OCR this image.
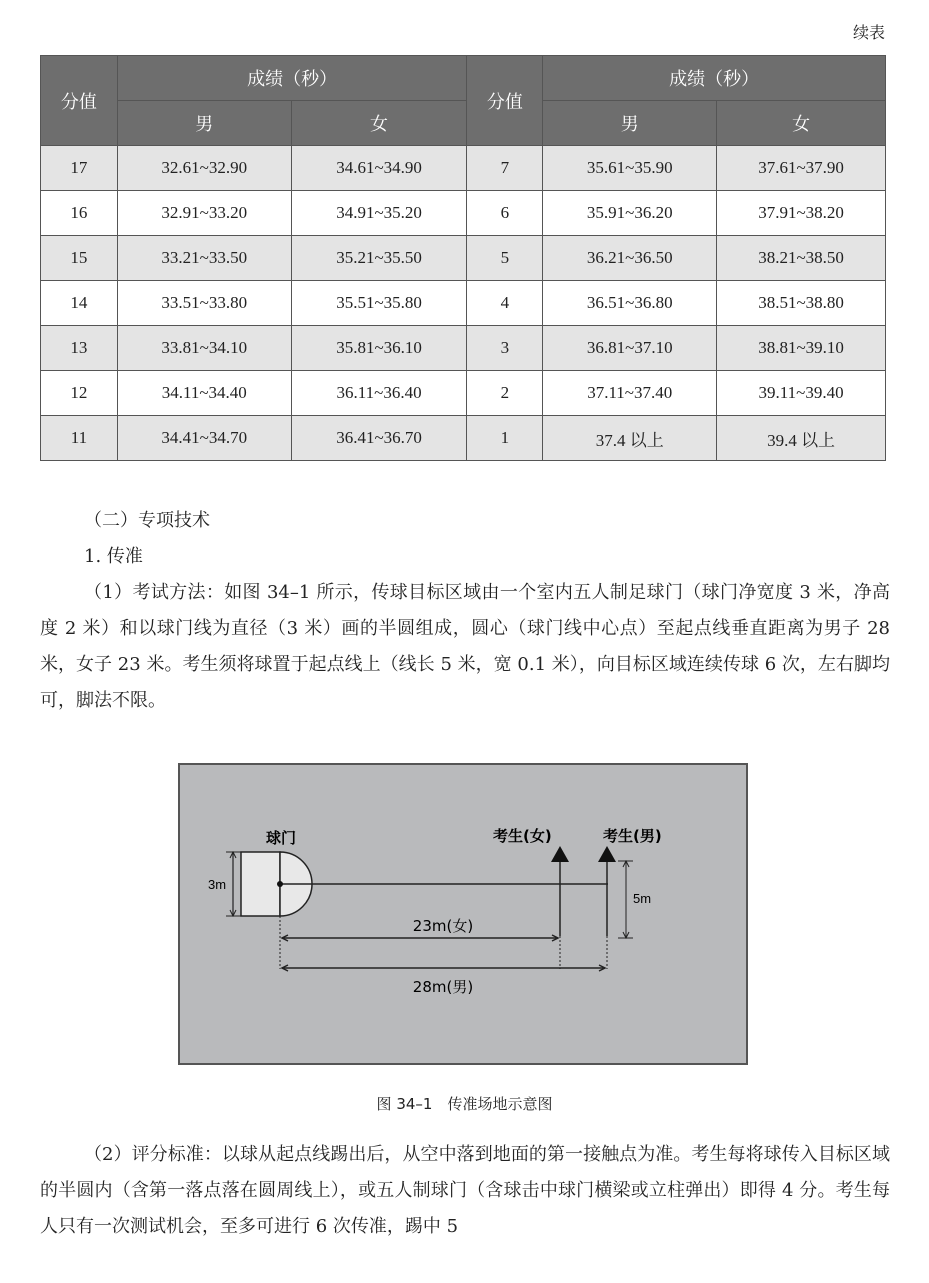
续表
分值	成绩（秒）		分值	成绩（秒）	
	男	女		男	女
17	32.61~32.90	34.61~34.90	7	35.61~35.90	37.61~37.90
16	32.91~33.20	34.91~35.20	6	35.91~36.20	37.91~38.20
15	33.21~33.50	35.21~35.50	5	36.21~36.50	38.21~38.50
14	33.51~33.80	35.51~35.80	4	36.51~36.80	38.51~38.80
13	33.81~34.10	35.81~36.10	3	36.81~37.10	38.81~39.10
12	34.11~34.40	36.11~36.40	2	37.11~37.40	39.11~39.40
11	34.41~34.70	36.41~36.70	1	37.4 以上	39.4 以上
（二）专项技术
1. 传准
（1）考试方法：如图 34–1 所示，传球目标区域由一个室内五人制足球门（球门净宽度 3 米，净高度 2 米）和以球门线为直径（3 米）画的半圆组成，圆心（球门线中心点）至起点线垂直距离为男子 28 米，女子 23 米。考生须将球置于起点线上（线长 5 米，宽 0.1 米），向目标区域连续传球 6 次，左右脚均可，脚法不限。
3m
球门	考生(女)	考生(男)
5m
23m(女)
28m(男)
图 34–1　传准场地示意图
（2）评分标准：以球从起点线踢出后，从空中落到地面的第一接触点为准。考生每将球传入目标区域的半圆内（含第一落点落在圆周线上），或五人制球门（含球击中球门横梁或立柱弹出）即得 4 分。考生每人只有一次测试机会，至多可进行 6 次传准，踢中 5
